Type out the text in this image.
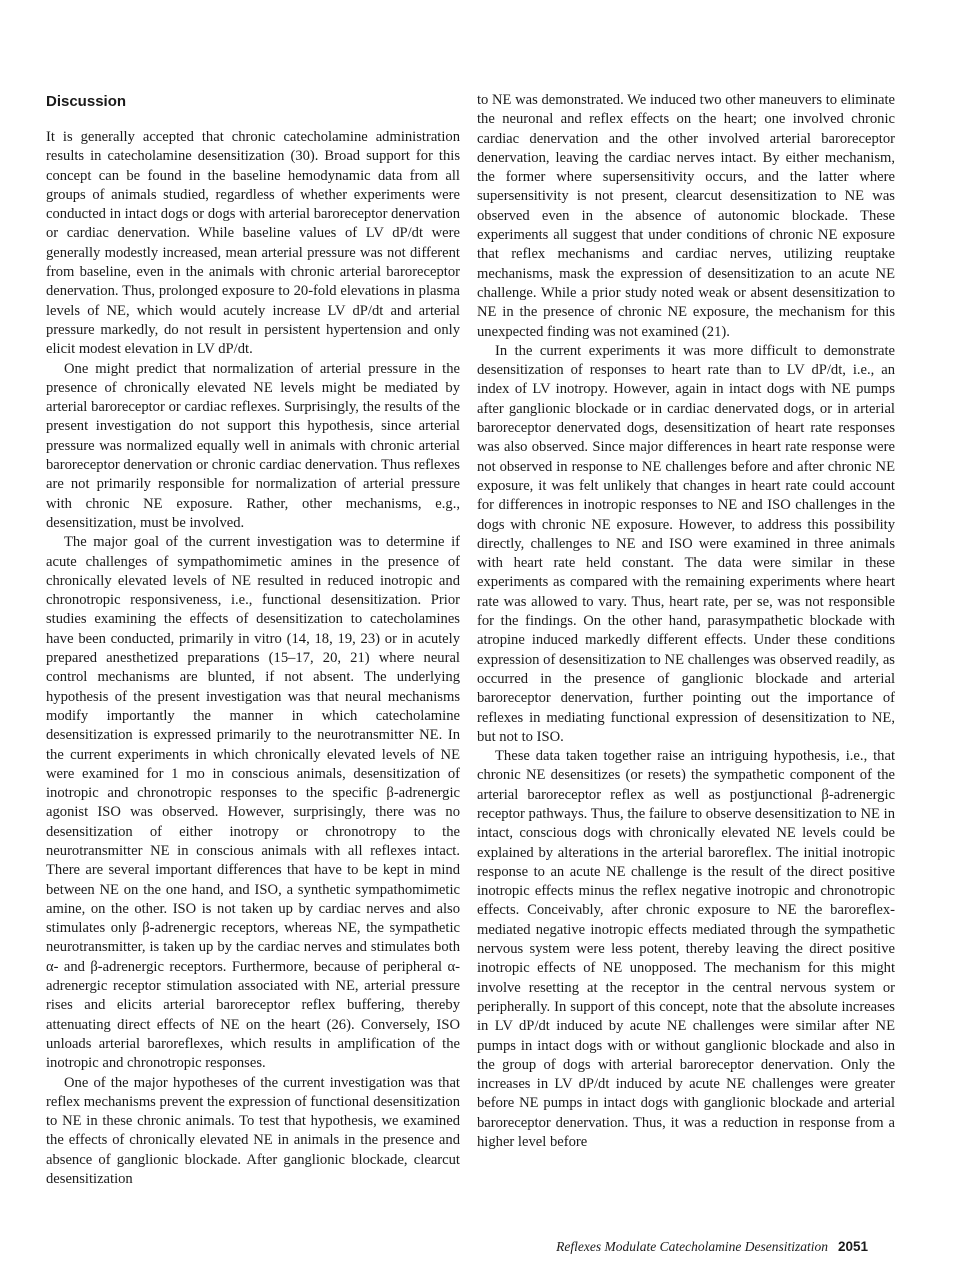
Discussion

It is generally accepted that chronic catecholamine administration results in catecholamine desensitization (30). Broad support for this concept can be found in the baseline hemodynamic data from all groups of animals studied, regardless of whether experiments were conducted in intact dogs or dogs with arterial baroreceptor denervation or cardiac denervation. While baseline values of LV dP/dt were generally modestly increased, mean arterial pressure was not different from baseline, even in the animals with chronic arterial baroreceptor denervation. Thus, prolonged exposure to 20-fold elevations in plasma levels of NE, which would acutely increase LV dP/dt and arterial pressure markedly, do not result in persistent hypertension and only elicit modest elevation in LV dP/dt.

One might predict that normalization of arterial pressure in the presence of chronically elevated NE levels might be mediated by arterial baroreceptor or cardiac reflexes. Surprisingly, the results of the present investigation do not support this hypothesis, since arterial pressure was normalized equally well in animals with chronic arterial baroreceptor denervation or chronic cardiac denervation. Thus reflexes are not primarily responsible for normalization of arterial pressure with chronic NE exposure. Rather, other mechanisms, e.g., desensitization, must be involved.

The major goal of the current investigation was to determine if acute challenges of sympathomimetic amines in the presence of chronically elevated levels of NE resulted in reduced inotropic and chronotropic responsiveness, i.e., functional desensitization. Prior studies examining the effects of desensitization to catecholamines have been conducted, primarily in vitro (14, 18, 19, 23) or in acutely prepared anesthetized preparations (15–17, 20, 21) where neural control mechanisms are blunted, if not absent. The underlying hypothesis of the present investigation was that neural mechanisms modify importantly the manner in which catecholamine desensitization is expressed primarily to the neurotransmitter NE. In the current experiments in which chronically elevated levels of NE were examined for 1 mo in conscious animals, desensitization of inotropic and chronotropic responses to the specific β-adrenergic agonist ISO was observed. However, surprisingly, there was no desensitization of either inotropy or chronotropy to the neurotransmitter NE in conscious animals with all reflexes intact. There are several important differences that have to be kept in mind between NE on the one hand, and ISO, a synthetic sympathomimetic amine, on the other. ISO is not taken up by cardiac nerves and also stimulates only β-adrenergic receptors, whereas NE, the sympathetic neurotransmitter, is taken up by the cardiac nerves and stimulates both α- and β-adrenergic receptors. Furthermore, because of peripheral α-adrenergic receptor stimulation associated with NE, arterial pressure rises and elicits arterial baroreceptor reflex buffering, thereby attenuating direct effects of NE on the heart (26). Conversely, ISO unloads arterial baroreflexes, which results in amplification of the inotropic and chronotropic responses.

One of the major hypotheses of the current investigation was that reflex mechanisms prevent the expression of functional desensitization to NE in these chronic animals. To test that hypothesis, we examined the effects of chronically elevated NE in animals in the presence and absence of ganglionic blockade. After ganglionic blockade, clearcut desensitization

to NE was demonstrated. We induced two other maneuvers to eliminate the neuronal and reflex effects on the heart; one involved chronic cardiac denervation and the other involved arterial baroreceptor denervation, leaving the cardiac nerves intact. By either mechanism, the former where supersensitivity occurs, and the latter where supersensitivity is not present, clearcut desensitization to NE was observed even in the absence of autonomic blockade. These experiments all suggest that under conditions of chronic NE exposure that reflex mechanisms and cardiac nerves, utilizing reuptake mechanisms, mask the expression of desensitization to an acute NE challenge. While a prior study noted weak or absent desensitization to NE in the presence of chronic NE exposure, the mechanism for this unexpected finding was not examined (21).

In the current experiments it was more difficult to demonstrate desensitization of responses to heart rate than to LV dP/dt, i.e., an index of LV inotropy. However, again in intact dogs with NE pumps after ganglionic blockade or in cardiac denervated dogs, or in arterial baroreceptor denervated dogs, desensitization of heart rate responses was also observed. Since major differences in heart rate response were not observed in response to NE challenges before and after chronic NE exposure, it was felt unlikely that changes in heart rate could account for differences in inotropic responses to NE and ISO challenges in the dogs with chronic NE exposure. However, to address this possibility directly, challenges to NE and ISO were examined in three animals with heart rate held constant. The data were similar in these experiments as compared with the remaining experiments where heart rate was allowed to vary. Thus, heart rate, per se, was not responsible for the findings. On the other hand, parasympathetic blockade with atropine induced markedly different effects. Under these conditions expression of desensitization to NE challenges was observed readily, as occurred in the presence of ganglionic blockade and arterial baroreceptor denervation, further pointing out the importance of reflexes in mediating functional expression of desensitization to NE, but not to ISO.

These data taken together raise an intriguing hypothesis, i.e., that chronic NE desensitizes (or resets) the sympathetic component of the arterial baroreceptor reflex as well as postjunctional β-adrenergic receptor pathways. Thus, the failure to observe desensitization to NE in intact, conscious dogs with chronically elevated NE levels could be explained by alterations in the arterial baroreflex. The initial inotropic response to an acute NE challenge is the result of the direct positive inotropic effects minus the reflex negative inotropic and chronotropic effects. Conceivably, after chronic exposure to NE the baroreflex-mediated negative inotropic effects mediated through the sympathetic nervous system were less potent, thereby leaving the direct positive inotropic effects of NE unopposed. The mechanism for this might involve resetting at the receptor in the central nervous system or peripherally. In support of this concept, note that the absolute increases in LV dP/dt induced by acute NE challenges were similar after NE pumps in intact dogs with or without ganglionic blockade and also in the group of dogs with arterial baroreceptor denervation. Only the increases in LV dP/dt induced by acute NE challenges were greater before NE pumps in intact dogs with ganglionic blockade and arterial baroreceptor denervation. Thus, it was a reduction in response from a higher level before

Reflexes Modulate Catecholamine Desensitization 2051
